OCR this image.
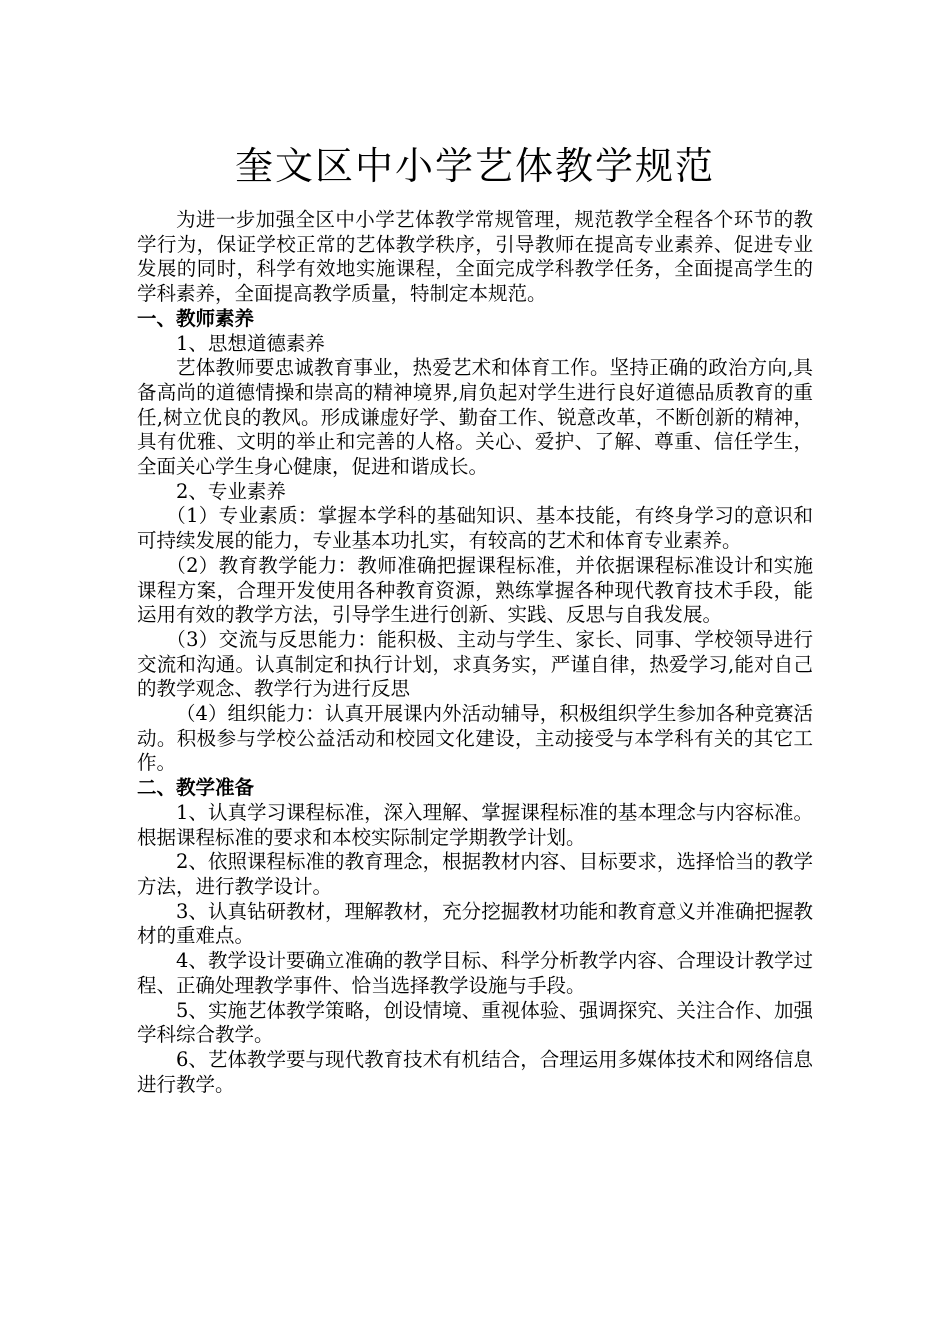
奎文区中小学艺体教学规范

为进一步加强全区中小学艺体教学常规管理，规范教学全程各个环节的教学行为，保证学校正常的艺体教学秩序，引导教师在提高专业素养、促进专业发展的同时，科学有效地实施课程，全面完成学科教学任务，全面提高学生的学科素养，全面提高教学质量，特制定本规范。

一、教师素养

1、思想道德素养

艺体教师要忠诚教育事业，热爱艺术和体育工作。坚持正确的政治方向,具备高尚的道德情操和崇高的精神境界,肩负起对学生进行良好道德品质教育的重任,树立优良的教风。形成谦虚好学、勤奋工作、锐意改革，不断创新的精神，具有优雅、文明的举止和完善的人格。关心、爱护、了解、尊重、信任学生，全面关心学生身心健康，促进和谐成长。

2、专业素养

（1）专业素质：掌握本学科的基础知识、基本技能，有终身学习的意识和可持续发展的能力，专业基本功扎实，有较高的艺术和体育专业素养。

（2）教育教学能力：教师准确把握课程标准，并依据课程标准设计和实施课程方案，合理开发使用各种教育资源，熟练掌握各种现代教育技术手段，能运用有效的教学方法，引导学生进行创新、实践、反思与自我发展。

（3）交流与反思能力：能积极、主动与学生、家长、同事、学校领导进行交流和沟通。认真制定和执行计划，求真务实，严谨自律，热爱学习,能对自己的教学观念、教学行为进行反思

（4）组织能力：认真开展课内外活动辅导，积极组织学生参加各种竞赛活动。积极参与学校公益活动和校园文化建设，主动接受与本学科有关的其它工作。

二、教学准备

1、认真学习课程标准，深入理解、掌握课程标准的基本理念与内容标准。根据课程标准的要求和本校实际制定学期教学计划。

2、依照课程标准的教育理念，根据教材内容、目标要求，选择恰当的教学方法，进行教学设计。

3、认真钻研教材，理解教材，充分挖掘教材功能和教育意义并准确把握教材的重难点。

4、教学设计要确立准确的教学目标、科学分析教学内容、合理设计教学过程、正确处理教学事件、恰当选择教学设施与手段。

5、实施艺体教学策略，创设情境、重视体验、强调探究、关注合作、加强学科综合教学。

6、艺体教学要与现代教育技术有机结合，合理运用多媒体技术和网络信息进行教学。
